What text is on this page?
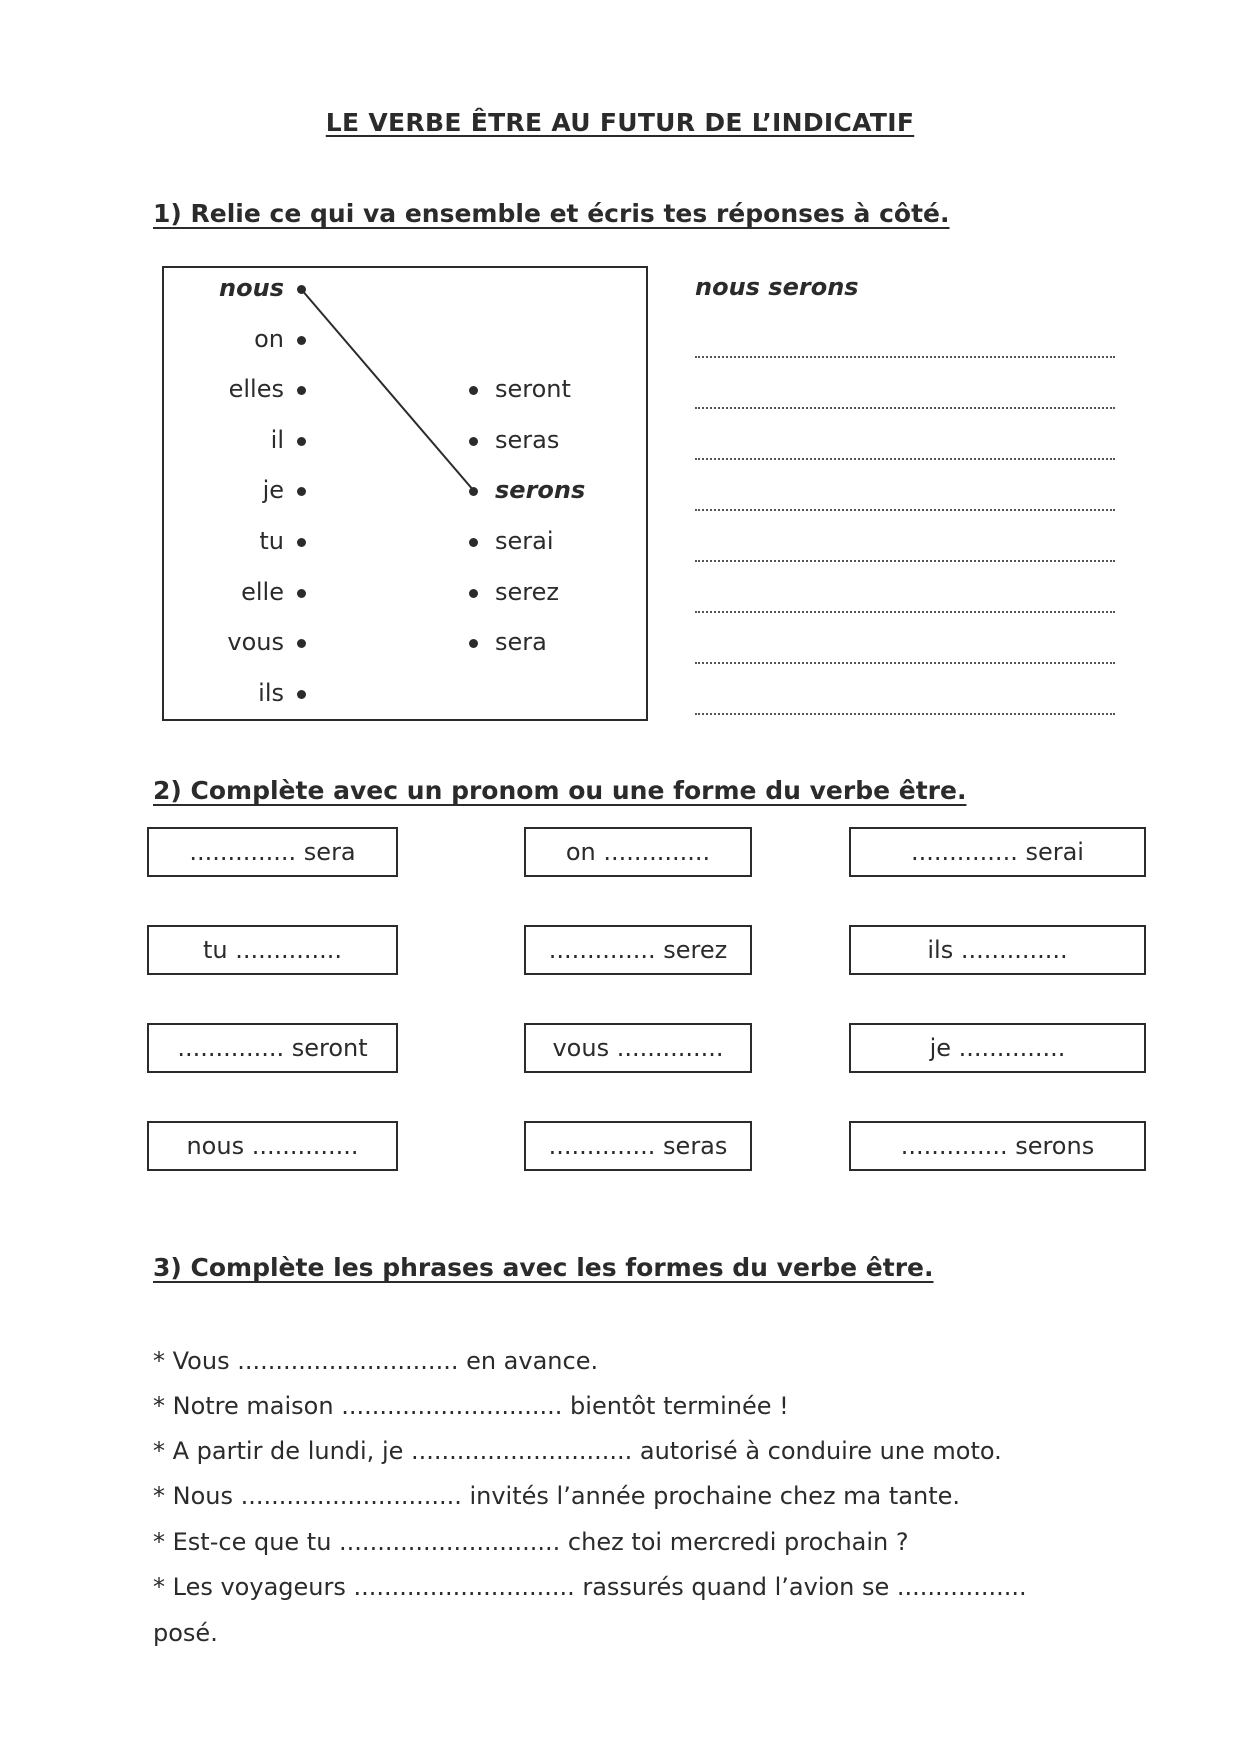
LE VERBE ÊTRE AU FUTUR DE L’INDICATIF
1) Relie ce qui va ensemble et écris tes réponses à côté.
nous
on
elles
il
je
tu
elle
vous
ils
seront
seras
serons
serai
serez
sera
nous serons
2) Complète avec un pronom ou une forme du verbe être.
.............. sera	on ..............	.............. serai
tu ..............	.............. serez	ils ..............
.............. seront	vous ..............	je ..............
nous ..............	.............. seras	.............. serons
3) Complète les phrases avec les formes du verbe être.
* Vous ............................. en avance.
* Notre maison ............................. bientôt terminée !
* A partir de lundi, je ............................. autorisé à conduire une moto.
* Nous ............................. invités l’année prochaine chez ma tante.
* Est-ce que tu ............................. chez toi mercredi prochain ?
* Les voyageurs ............................. rassurés quand l’avion se .................
posé.
